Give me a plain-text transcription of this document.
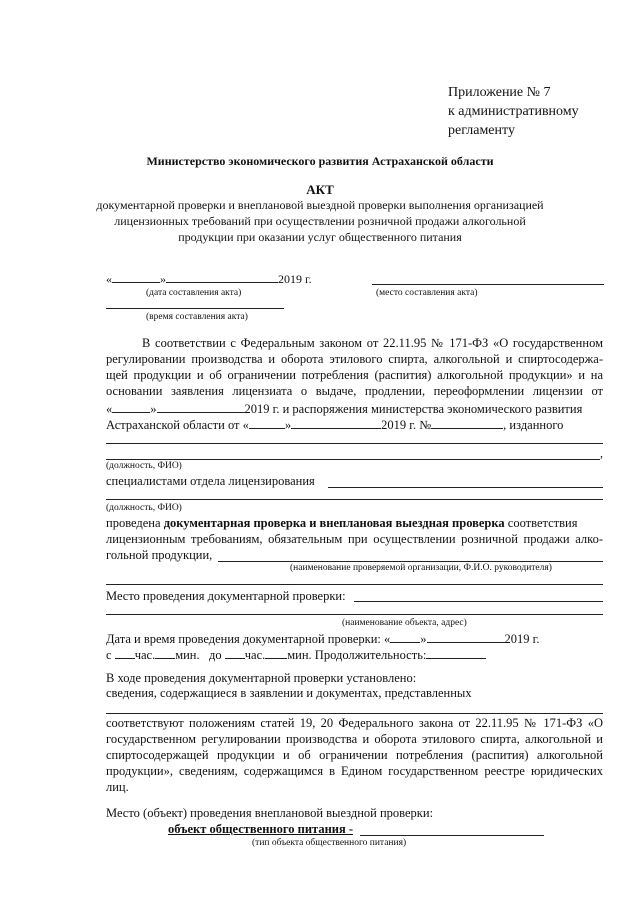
Приложение № 7
к административному
регламенту
Министерство экономического развития Астраханской области
АКТ
документарной проверки и внеплановой выездной проверки выполнения организацией
лицензионных требований при осуществлении розничной продажи алкогольной
продукции при оказании услуг общественного питания
«	»	2019 г.
(дата составления акта)	(место составления акта)
(время составления акта)
В соответствии с Федеральным законом от 22.11.95 № 171-ФЗ «О государственном
регулировании производства и оборота этилового спирта, алкогольной и спиртосодержа-
щей продукции и об ограничении потребления (распития) алкогольной продукции» и на
основании заявления лицензиата о выдаче, продлении, переоформлении лицензии от
«	»	2019 г. и распоряжения министерства экономического развития
Астраханской области от «	»	2019 г. №	, изданного
,
(должность, ФИО)
специалистами отдела лицензирования
(должность, ФИО)
проведена документарная проверка и внеплановая выездная проверка соответствия
лицензионным требованиям, обязательным при осуществлении розничной продажи алко-
гольной продукции,
(наименование проверяемой организации, Ф.И.О. руководителя)
Место проведения документарной проверки:
(наименование объекта, адрес)
Дата и время проведения документарной проверки: « »	2019 г.
с час. мин. до час. мин. Продолжительность:
В ходе проведения документарной проверки установлено:
сведения, содержащиеся в заявлении и документах, представленных
соответствуют положениям статей 19, 20 Федерального закона от 22.11.95 № 171-ФЗ «О
государственном регулировании производства и оборота этилового спирта, алкогольной и
спиртосодержащей продукции и об ограничении потребления (распития) алкогольной
продукции», сведениям, содержащимся в Едином государственном реестре юридических
лиц.
Место (объект) проведения внеплановой выездной проверки:
объект общественного питания -
(тип объекта общественного питания)
